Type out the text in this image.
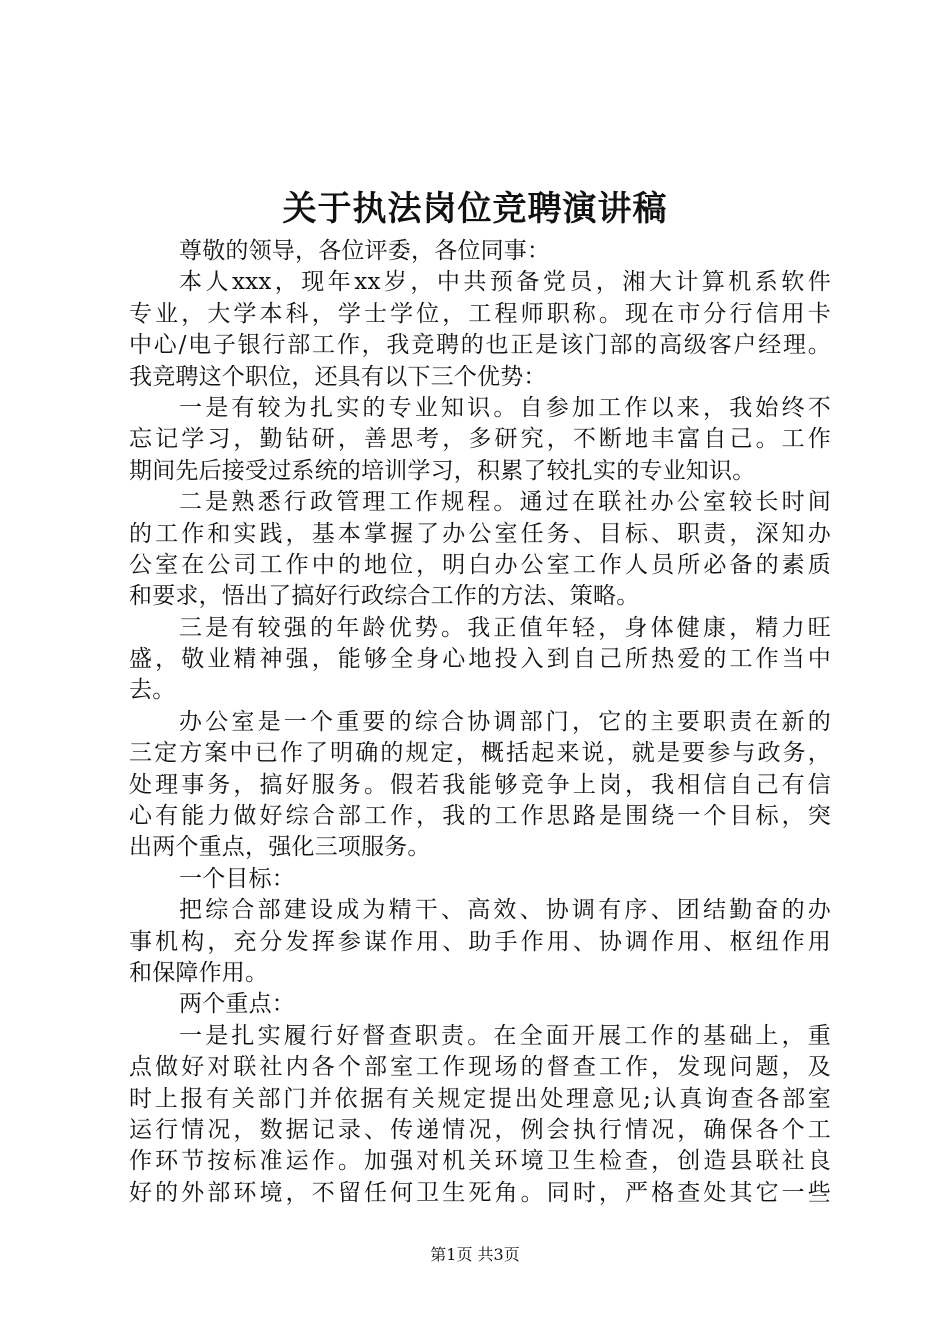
关于执法岗位竞聘演讲稿
尊敬的领导，各位评委，各位同事：
本人xxx，现年xx岁，中共预备党员，湘大计算机系软件
专业，大学本科，学士学位，工程师职称。现在市分行信用卡
中心/电子银行部工作，我竞聘的也正是该门部的高级客户经理。
我竞聘这个职位，还具有以下三个优势：
一是有较为扎实的专业知识。自参加工作以来，我始终不
忘记学习，勤钻研，善思考，多研究，不断地丰富自己。工作
期间先后接受过系统的培训学习，积累了较扎实的专业知识。
二是熟悉行政管理工作规程。通过在联社办公室较长时间
的工作和实践，基本掌握了办公室任务、目标、职责，深知办
公室在公司工作中的地位，明白办公室工作人员所必备的素质
和要求，悟出了搞好行政综合工作的方法、策略。
三是有较强的年龄优势。我正值年轻，身体健康，精力旺
盛，敬业精神强，能够全身心地投入到自己所热爱的工作当中
去。
办公室是一个重要的综合协调部门，它的主要职责在新的
三定方案中已作了明确的规定，概括起来说，就是要参与政务，
处理事务，搞好服务。假若我能够竞争上岗，我相信自己有信
心有能力做好综合部工作，我的工作思路是围绕一个目标，突
出两个重点，强化三项服务。
一个目标：
把综合部建设成为精干、高效、协调有序、团结勤奋的办
事机构，充分发挥参谋作用、助手作用、协调作用、枢纽作用
和保障作用。
两个重点：
一是扎实履行好督查职责。在全面开展工作的基础上，重
点做好对联社内各个部室工作现场的督查工作，发现问题，及
时上报有关部门并依据有关规定提出处理意见;认真询查各部室
运行情况，数据记录、传递情况，例会执行情况，确保各个工
作环节按标准运作。加强对机关环境卫生检查，创造县联社良
好的外部环境，不留任何卫生死角。同时，严格查处其它一些
第1页 共3页
